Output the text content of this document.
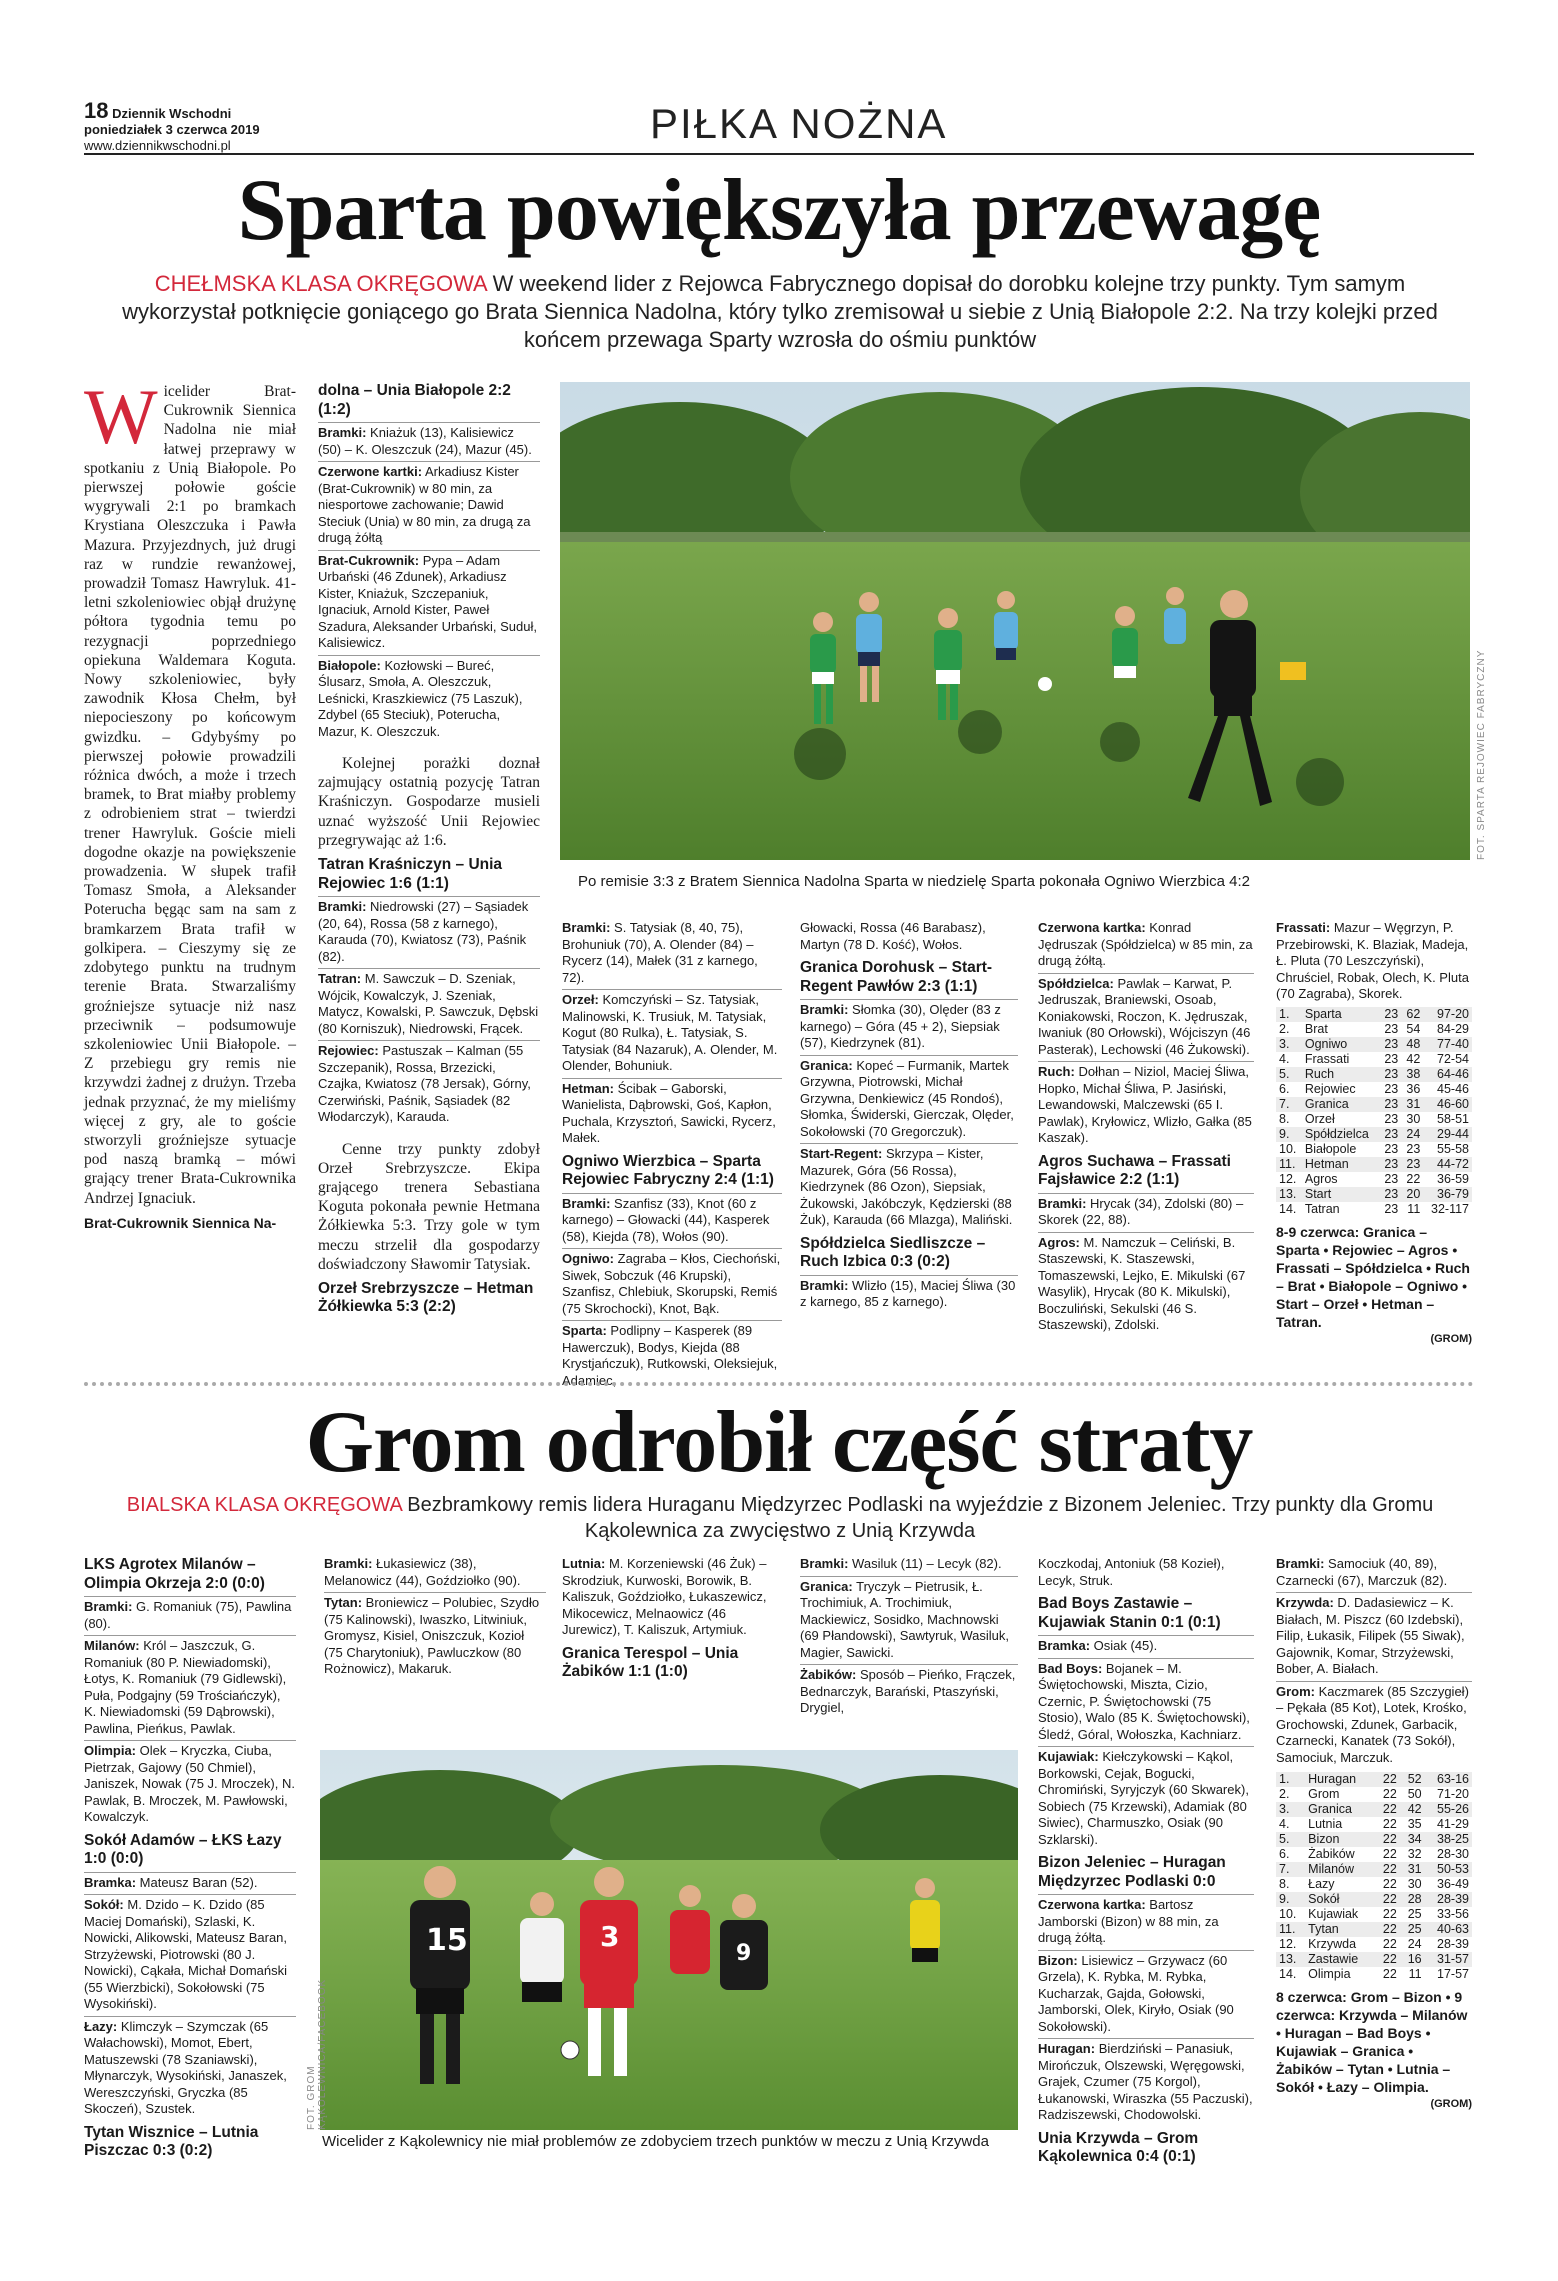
18 Dziennik Wschodni
poniedziałek 3 czerwca 2019 www.dziennikwschodni.pl	PIŁKA NOŻNA
Sparta powiększyła przewagę
CHEŁMSKA KLASA OKRĘGOWA W weekend lider z Rejowca Fabrycznego dopisał do dorobku kolejne trzy punkty. Tym samym wykorzystał potknięcie goniącego go Brata Siennica Nadolna, który tylko zremisował u siebie z Unią Białopole 2:2. Na trzy kolejki przed końcem przewaga Sparty wzrosła do ośmiu punktów
Wicelider Brat-Cukrownik Siennica Nadolna nie miał łatwej przeprawy w spotkaniu z Unią Białopole. Po pierwszej połowie goście wygrywali 2:1 po bramkach Krystiana Oleszczuka i Pawła Mazura. Przyjezdnych, już drugi raz w rundzie rewanżowej, prowadził Tomasz Hawryluk. 41-letni szkoleniowiec objął drużynę półtora tygodnia temu po rezygnacji poprzedniego opiekuna Waldemara Koguta. Nowy szkoleniowiec, były zawodnik Kłosa Chełm, był niepocieszony po końcowym gwizdku. – Gdybyśmy po pierwszej połowie prowadzili różnica dwóch, a może i trzech bramek, to Brat miałby problemy z odrobieniem strat – twierdzi trener Hawryluk. Goście mieli dogodne okazje na powiększenie prowadzenia. W słupek trafił Tomasz Smoła, a Aleksander Poterucha bęgąc sam na sam z bramkarzem Brata trafił w golkipera. – Cieszymy się ze zdobytego punktu na trudnym terenie Brata. Stwarzaliśmy groźniejsze sytuacje niż nasz przeciwnik – podsumowuje szkoleniowiec Unii Białopole. – Z przebiegu gry remis nie krzywdzi żadnej z drużyn. Trzeba jednak przyznać, że my mieliśmy więcej z gry, ale to goście stworzyli groźniejsze sytuacje pod naszą bramką – mówi grający trener Brata-Cukrownika Andrzej Ignaciuk.
Brat-Cukrownik Siennica Na-
dolna – Unia Białopole 2:2 (1:2)

Bramki: Kniażuk (13), Kalisiewicz (50) – K. Oleszczuk (24), Mazur (45).

Czerwone kartki: Arkadiusz Kister (Brat-Cukrownik) w 80 min, za niesportowe zachowanie; Dawid Steciuk (Unia) w 80 min, za drugą za drugą żółtą

Brat-Cukrownik: Pypa – Adam Urbański (46 Zdunek), Arkadiusz Kister, Kniażuk, Szczepaniuk, Ignaciuk, Arnold Kister, Paweł Szadura, Aleksander Urbański, Suduł, Kalisiewicz.

Białopole: Kozłowski – Bureć, Ślusarz, Smoła, A. Oleszczuk, Leśnicki, Kraszkiewicz (75 Laszuk), Zdybel (65 Steciuk), Poterucha, Mazur, K. Oleszczuk.

Kolejnej porażki doznał zajmujący ostatnią pozycję Tatran Kraśniczyn. Gospodarze musieli uznać wyższość Unii Rejowiec przegrywając aż 1:6.

Tatran Kraśniczyn – Unia Rejowiec 1:6 (1:1)

Bramki: Niedrowski (27) – Sąsiadek (20, 64), Rossa (58 z karnego), Karauda (70), Kwiatosz (73), Paśnik (82).

Tatran: M. Sawczuk – D. Szeniak, Wójcik, Kowalczyk, J. Szeniak, Matycz, Kowalski, P. Sawczuk, Dębski (80 Korniszuk), Niedrowski, Frącek.

Rejowiec: Pastuszak – Kalman (55 Szczepanik), Rossa, Brzezicki, Czajka, Kwiatosz (78 Jersak), Górny, Czerwiński, Paśnik, Sąsiadek (82 Włodarczyk), Karauda.

Cenne trzy punkty zdobył Orzeł Srebrzyszcze. Ekipa grającego trenera Sebastiana Koguta pokonała pewnie Hetmana Żółkiewka 5:3. Trzy gole w tym meczu strzelił dla gospodarzy doświadczony Sławomir Tatysiak.

Orzeł Srebrzyszcze – Hetman Żółkiewka 5:3 (2:2)
FOT. SPARTA REJOWIEC FABRYCZNY
Po remisie 3:3 z Bratem Siennica Nadolna Sparta w niedzielę Sparta pokonała Ogniwo Wierzbica 4:2

Bramki: S. Tatysiak (8, 40, 75), Brohuniuk (70), A. Olender (84) – Rycerz (14), Małek (31 z karnego, 72).

Orzeł: Komczyński – Sz. Tatysiak, Malinowski, K. Trusiuk, M. Tatysiak, Kogut (80 Rulka), Ł. Tatysiak, S. Tatysiak (84 Nazaruk), A. Olender, M. Olender, Bohuniuk.

Hetman: Ścibak – Gaborski, Wanielista, Dąbrowski, Goś, Kapłon, Puchala, Krzysztoń, Sawicki, Rycerz, Małek.

Ogniwo Wierzbica – Sparta Rejowiec Fabryczny 2:4 (1:1)

Bramki: Szanfisz (33), Knot (60 z karnego) – Głowacki (44), Kasperek (58), Kiejda (78), Wołos (90).

Ogniwo: Zagraba – Kłos, Ciechoński, Siwek, Sobczuk (46 Krupski), Szanfisz, Chlebiuk, Skorupski, Remiś (75 Skrochocki), Knot, Bąk.

Sparta: Podlipny – Kasperek (89 Hawerczuk), Bodys, Kiejda (88 Krystjańczuk), Rutkowski, Oleksiejuk, Adamiec,

Głowacki, Rossa (46 Barabasz), Martyn (78 D. Kość), Wołos.

Granica Dorohusk – Start-Regent Pawłów 2:3 (1:1)

Bramki: Słomka (30), Olęder (83 z karnego) – Góra (45 + 2), Siepsiak (57), Kiedrzynek (81).

Granica: Kopeć – Furmanik, Martek Grzywna, Piotrowski, Michał Grzywna, Denkiewicz (45 Rondoś), Słomka, Świderski, Gierczak, Olęder, Sokołowski (70 Gregorczuk).

Start-Regent: Skrzypa – Kister, Mazurek, Góra (56 Rossa), Kiedrzynek (86 Ozon), Siepsiak, Żukowski, Jakóbczyk, Kędzierski (88 Żuk), Karauda (66 Mlazga), Maliński.

Spółdzielca Siedliszcze – Ruch Izbica 0:3 (0:2)

Bramki: Wlizło (15), Maciej Śliwa (30 z karnego, 85 z karnego).

Czerwona kartka: Konrad Jędruszak (Spółdzielca) w 85 min, za drugą żółtą.

Spółdzielca: Pawlak – Karwat, P. Jedruszak, Braniewski, Osoab, Koniakowski, Roczon, K. Jędruszak, Iwaniuk (80 Orłowski), Wójciszyn (46 Pasterak), Lechowski (46 Żukowski).

Ruch: Dołhan – Niziol, Maciej Śliwa, Hopko, Michał Śliwa, P. Jasiński, Lewandowski, Malczewski (65 I. Pawlak), Kryłowicz, Wlizło, Gałka (85 Kaszak).

Agros Suchawa – Frassati Fajsławice 2:2 (1:1)

Bramki: Hrycak (34), Zdolski (80) – Skorek (22, 88).

Agros: M. Namczuk – Celiński, B. Staszewski, K. Staszewski, Tomaszewski, Lejko, E. Mikulski (67 Wasylik), Hrycak (80 K. Mikulski), Boczuliński, Sekulski (46 S. Staszewski), Zdolski.

Frassati: Mazur – Węgrzyn, P. Przebirowski, K. Blaziak, Madeja, Ł. Pluta (70 Leszczyński), Chruściel, Robak, Olech, K. Pluta (70 Zagraba), Skorek.

1.	Sparta	23	62	97-20
2.	Brat	23	54	84-29
3.	Ogniwo	23	48	77-40
4.	Frassati	23	42	72-54
5.	Ruch	23	38	64-46
6.	Rejowiec	23	36	45-46
7.	Granica	23	31	46-60
8.	Orzeł	23	30	58-51
9.	Spółdzielca	23	24	29-44
10.	Białopole	23	23	55-58
11.	Hetman	23	23	44-72
12.	Agros	23	22	36-59
13.	Start	23	20	36-79
14.	Tatran	23	11	32-117

8-9 czerwca: Granica – Sparta • Rejowiec – Agros • Frassati – Spółdzielca • Ruch – Brat • Białopole – Ogniwo • Start – Orzeł • Hetman – Tatran.

(GROM)

Grom odrobił część straty
BIALSKA KLASA OKRĘGOWA Bezbramkowy remis lidera Huraganu Międzyrzec Podlaski na wyjeździe z Bizonem Jeleniec. Trzy punkty dla Gromu Kąkolewnica za zwycięstwo z Unią Krzywda
LKS Agrotex Milanów – Olimpia Okrzeja 2:0 (0:0)

Bramki: G. Romaniuk (75), Pawlina (80).

Milanów: Król – Jaszczuk, G. Romaniuk (80 P. Niewiadomski), Łotys, K. Romaniuk (79 Gidlewski), Puła, Podgajny (59 Trościańczyk), K. Niewiadomski (59 Dąbrowski), Pawlina, Pieńkus, Pawlak.

Olimpia: Olek – Kryczka, Ciuba, Pietrzak, Gajowy (50 Chmiel), Janiszek, Nowak (75 J. Mroczek), N. Pawlak, B. Mroczek, M. Pawłowski, Kowalczyk.

Sokół Adamów – ŁKS Łazy 1:0 (0:0)

Bramka: Mateusz Baran (52).

Sokół: M. Dzido – K. Dzido (85 Maciej Domański), Szlaski, K. Nowicki, Alikowski, Mateusz Baran, Strzyżewski, Piotrowski (80 J. Nowicki), Cąkała, Michał Domański (55 Wierzbicki), Sokołowski (75 Wysokiński).

Łazy: Klimczyk – Szymczak (65 Wałachowski), Momot, Ebert, Matuszewski (78 Szaniawski), Młynarczyk, Wysokiński, Janaszek, Wereszczyński, Gryczka (85 Skoczeń), Szustek.

Tytan Wisznice – Lutnia Piszczac 0:3 (0:2)

Bramki: Łukasiewicz (38), Melanowicz (44), Goździołko (90).

Tytan: Broniewicz – Polubiec, Szydło (75 Kalinowski), Iwaszko, Litwiniuk, Gromysz, Kisiel, Oniszczuk, Kozioł (75 Charytoniuk), Pawluczkow (80 Rożnowicz), Makaruk.

Lutnia: M. Korzeniewski (46 Żuk) – Skrodziuk, Kurwoski, Borowik, B. Kaliszuk, Goździołko, Łukaszewicz, Mikocewicz, Melnaowicz (46 Jurewicz), T. Kaliszuk, Artymiuk.

Granica Terespol – Unia Żabików 1:1 (1:0)

Bramki: Wasiluk (11) – Lecyk (82).

Granica: Tryczyk – Pietrusik, Ł. Trochimiuk, A. Trochimiuk, Mackiewicz, Sosidko, Machnowski (69 Płandowski), Sawtyruk, Wasiluk, Magier, Sawicki.

Żabików: Sposób – Pieńko, Frączek, Bednarczyk, Barański, Ptaszyński, Drygiel,

15	3
9
FOT. GROM KĄKOLEWNICA/FACEBOOK
Wicelider z Kąkolewnicy nie miał problemów ze zdobyciem trzech punktów w meczu z Unią Krzywda

Koczkodaj, Antoniuk (58 Kozieł), Lecyk, Struk.

Bad Boys Zastawie – Kujawiak Stanin 0:1 (0:1)

Bramka: Osiak (45).

Bad Boys: Bojanek – M. Świętochowski, Miszta, Cizio, Czernic, P. Świętochowski (75 Stosio), Walo (85 K. Świętochowski), Śledź, Góral, Wołoszka, Kachniarz.

Kujawiak: Kiełczykowski – Kąkol, Borkowski, Cejak, Bogucki, Chromiński, Syryjczyk (60 Skwarek), Sobiech (75 Krzewski), Adamiak (80 Siwiec), Charmuszko, Osiak (90 Szklarski).

Bizon Jeleniec – Huragan Międzyrzec Podlaski 0:0

Czerwona kartka: Bartosz Jamborski (Bizon) w 88 min, za drugą żółtą.

Bizon: Lisiewicz – Grzywacz (60 Grzela), K. Rybka, M. Rybka, Kucharzak, Gajda, Gołowski, Jamborski, Olek, Kiryło, Osiak (90 Sokołowski).

Huragan: Bierdziński – Panasiuk, Mirończuk, Olszewski, Węręgowski, Grajek, Czumer (75 Korgol), Łukanowski, Wiraszka (55 Paczuski), Radziszewski, Chodowolski.

Unia Krzywda – Grom Kąkolewnica 0:4 (0:1)

Bramki: Samociuk (40, 89), Czarnecki (67), Marczuk (82).

Krzywda: D. Dadasiewicz – K. Białach, M. Piszcz (60 Izdebski), Filip, Łukasik, Filipek (55 Siwak), Gajownik, Komar, Strzyżewski, Bober, A. Białach.

Grom: Kaczmarek (85 Szczygieł) – Pękała (85 Kot), Lotek, Krośko, Grochowski, Zdunek, Garbacik, Czarnecki, Kanatek (73 Sokół), Samociuk, Marczuk.

1.	Huragan	22	52	63-16
2.	Grom	22	50	71-20
3.	Granica	22	42	55-26
4.	Lutnia	22	35	41-29
5.	Bizon	22	34	38-25
6.	Żabików	22	32	28-30
7.	Milanów	22	31	50-53
8.	Łazy	22	30	36-49
9.	Sokół	22	28	28-39
10.	Kujawiak	22	25	33-56
11.	Tytan	22	25	40-63
12.	Krzywda	22	24	28-39
13.	Zastawie	22	16	31-57
14.	Olimpia	22	11	17-57

8 czerwca: Grom – Bizon • 9 czerwca: Krzywda – Milanów • Huragan – Bad Boys • Kujawiak – Granica • Żabików – Tytan • Lutnia – Sokół • Łazy – Olimpia.

(GROM)
